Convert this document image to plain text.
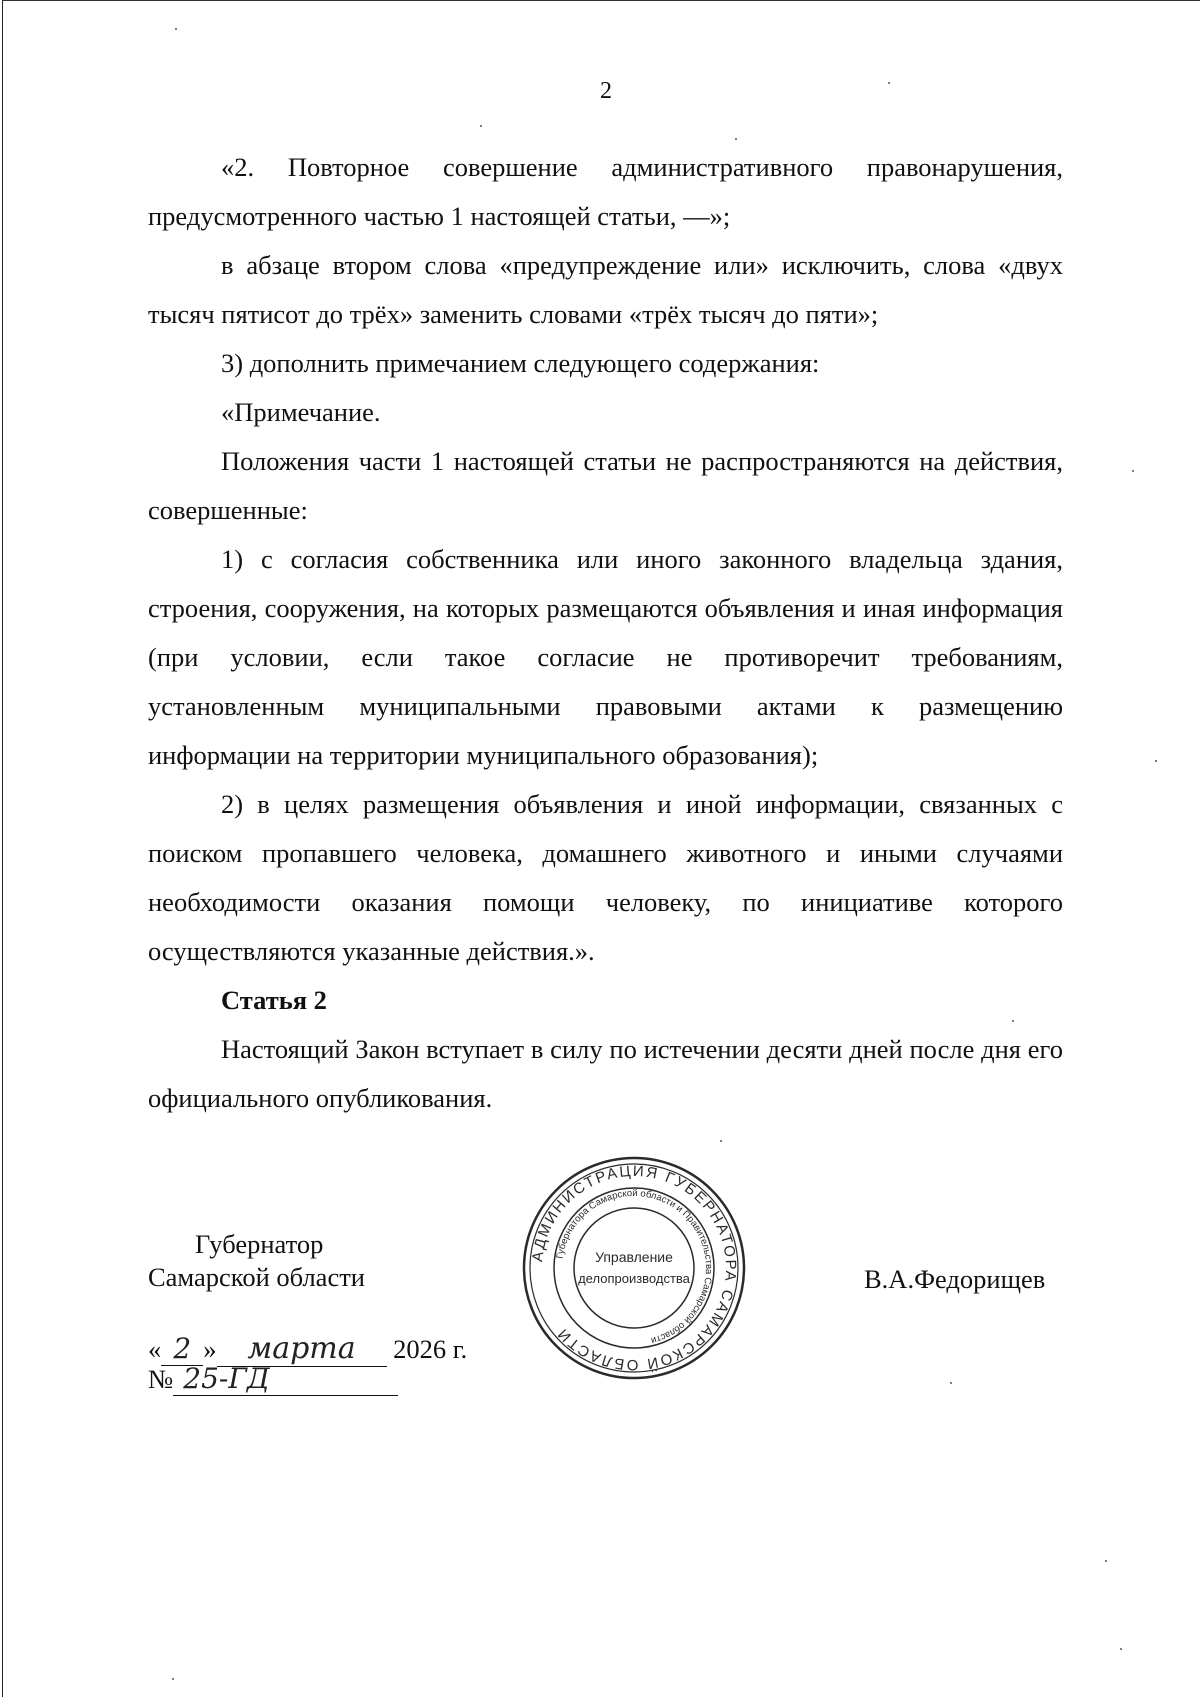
2

«2. Повторное совершение административного правонарушения, предусмотренного частью 1 настоящей статьи, —»;

в абзаце втором слова «предупреждение или» исключить, слова «двух тысяч пятисот до трёх» заменить словами «трёх тысяч до пяти»;

3) дополнить примечанием следующего содержания:

«Примечание.

Положения части 1 настоящей статьи не распространяются на действия, совершенные:

1) с согласия собственника или иного законного владельца здания, строения, сооружения, на которых размещаются объявления и иная информация (при условии, если такое согласие не противоречит требованиям, установленным муниципальными правовыми актами к размещению информации на территории муниципального образования);

2) в целях размещения объявления и иной информации, связанных с поиском пропавшего человека, домашнего животного и иными случаями необходимости оказания помощи человеку, по инициативе которого осуществляются указанные действия.».

Статья 2

Настоящий Закон вступает в силу по истечении десяти дней после дня его официального опубликования.

Губернатор
Самарской области	В.А.Федорищев
« 2 » марта 2026 г.
№ 25-ГД
АДМИНИСТРАЦИЯ ГУБЕРНАТОРА САМАРСКОЙ ОБЛАСТИ
Губернатора Самарской области и Правительства Самарской области
Управление
делопроизводства
